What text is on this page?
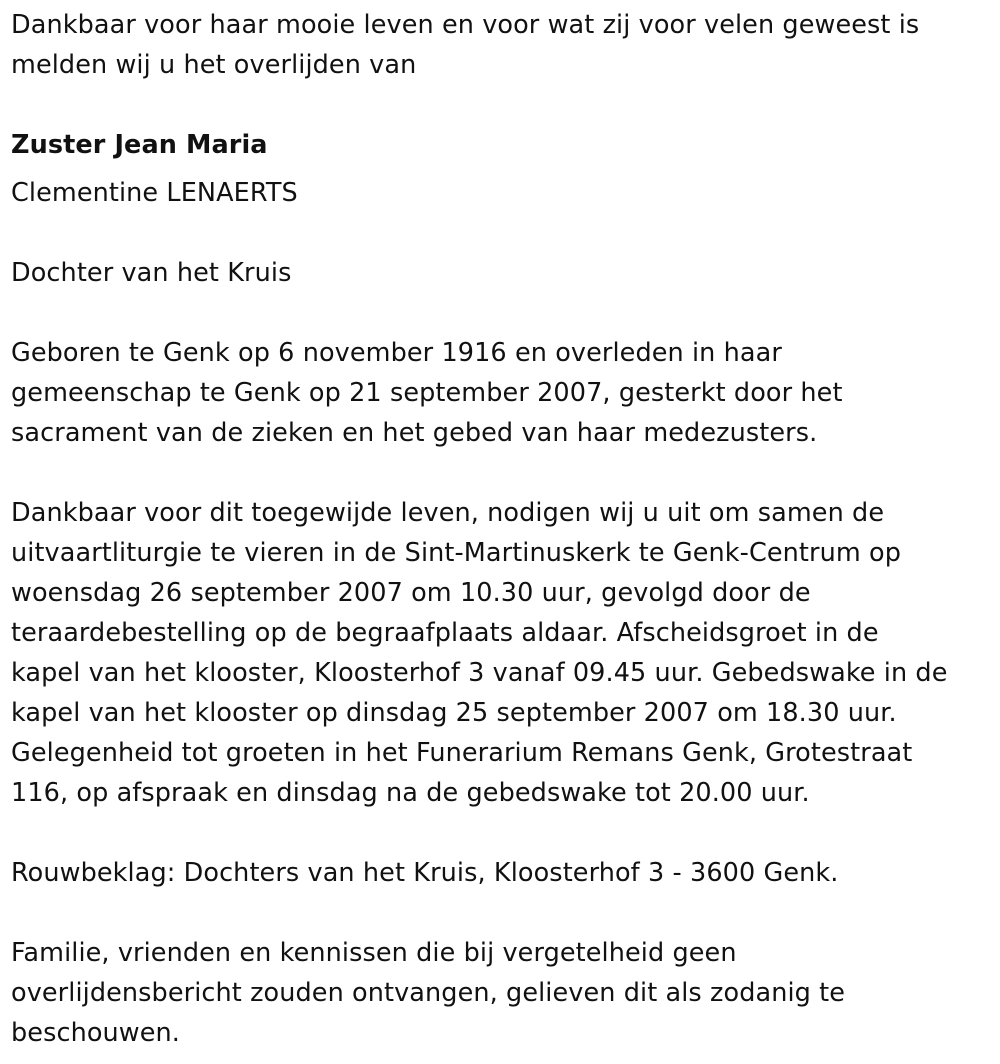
Dankbaar voor haar mooie leven en voor wat zij voor velen geweest is
melden wij u het overlijden van

Zuster Jean Maria

Clementine LENAERTS

Dochter van het Kruis

Geboren te Genk op 6 november 1916 en overleden in haar
gemeenschap te Genk op 21 september 2007, gesterkt door het
sacrament van de zieken en het gebed van haar medezusters.

Dankbaar voor dit toegewijde leven, nodigen wij u uit om samen de
uitvaartliturgie te vieren in de Sint-Martinuskerk te Genk-Centrum op
woensdag 26 september 2007 om 10.30 uur, gevolgd door de
teraardebestelling op de begraafplaats aldaar. Afscheidsgroet in de
kapel van het klooster, Kloosterhof 3 vanaf 09.45 uur. Gebedswake in de
kapel van het klooster op dinsdag 25 september 2007 om 18.30 uur.
Gelegenheid tot groeten in het Funerarium Remans Genk, Grotestraat
116, op afspraak en dinsdag na de gebedswake tot 20.00 uur.

Rouwbeklag: Dochters van het Kruis, Kloosterhof 3 - 3600 Genk.

Familie, vrienden en kennissen die bij vergetelheid geen
overlijdensbericht zouden ontvangen, gelieven dit als zodanig te
beschouwen.
